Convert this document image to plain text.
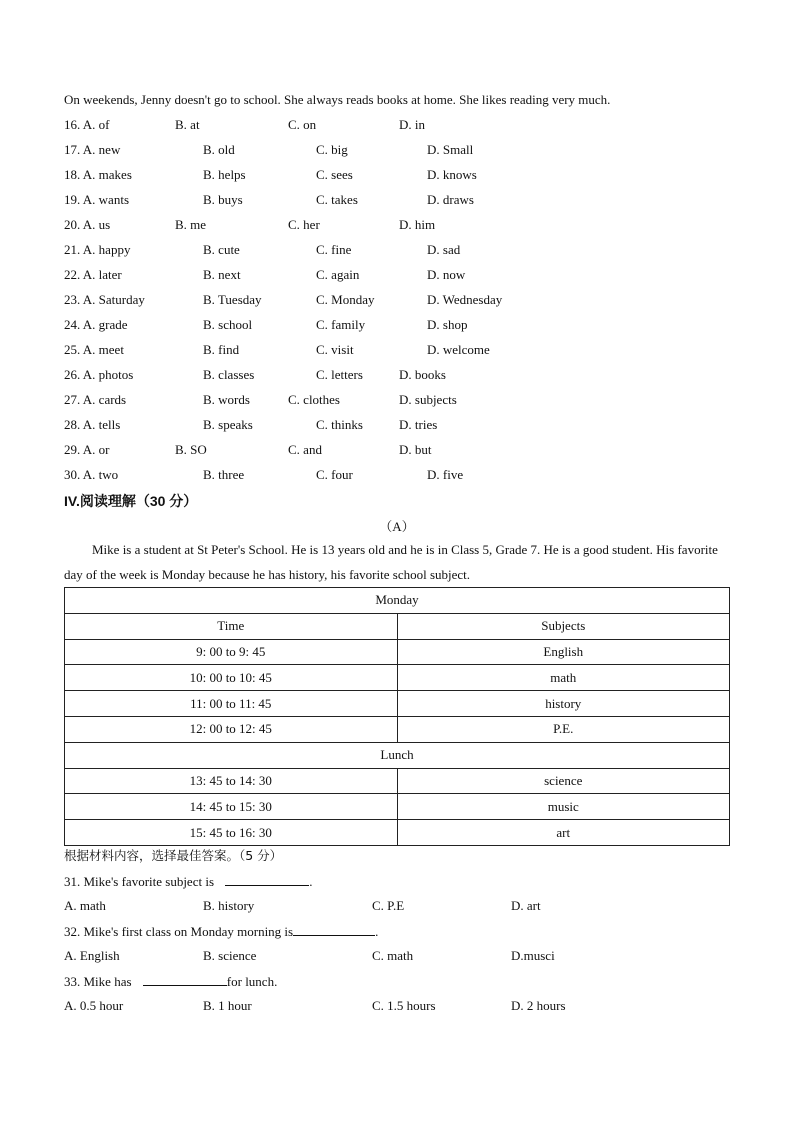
On weekends, Jenny doesn't go to school. She always reads books at home. She likes reading very much.
16. A. of	B. at	C. on	D. in
17. A. new	B. old	C. big	D. Small
18. A. makes	B. helps	C. sees	D. knows
19. A. wants	B. buys	C. takes	D. draws
20. A. us	B. me	C. her	D. him
21. A. happy	B. cute	C. fine	D. sad
22. A. later	B. next	C. again	D. now
23. A. Saturday	B. Tuesday	C. Monday	D. Wednesday
24. A. grade	B. school	C. family	D. shop
25. A. meet	B. find	C. visit	D. welcome
26. A. photos	B. classes	C. letters	D. books
27. A. cards	B. words	C. clothes	D. subjects
28. A. tells	B. speaks	C. thinks	D. tries
29. A. or	B. SO	C. and	D. but
30. A. two	B. three	C. four	D. five
IV.阅读理解（30 分）
（A）
Mike is a student at St Peter's School. He is 13 years old and he is in Class 5, Grade 7. He is a good student. His favorite day of the week is Monday because he has history, his favorite school subject.
Monday	
Time	Subjects
9: 00 to 9: 45	English
10: 00 to 10: 45	math
11: 00 to 11: 45	history
12: 00 to 12: 45	P.E.
Lunch	
13: 45 to 14: 30	science
14: 45 to 15: 30	music
15: 45 to 16: 30	art
根据材料内容，选择最佳答案。（5 分）
31. Mike's favorite subject is	.
A. math	B. history	C. P.E	D. art
32. Mike's first class on Monday morning is	.
A. English	B. science	C. math	D.musci
33. Mike has	for lunch.
A. 0.5 hour	B. 1 hour	C. 1.5 hours	D. 2 hours
